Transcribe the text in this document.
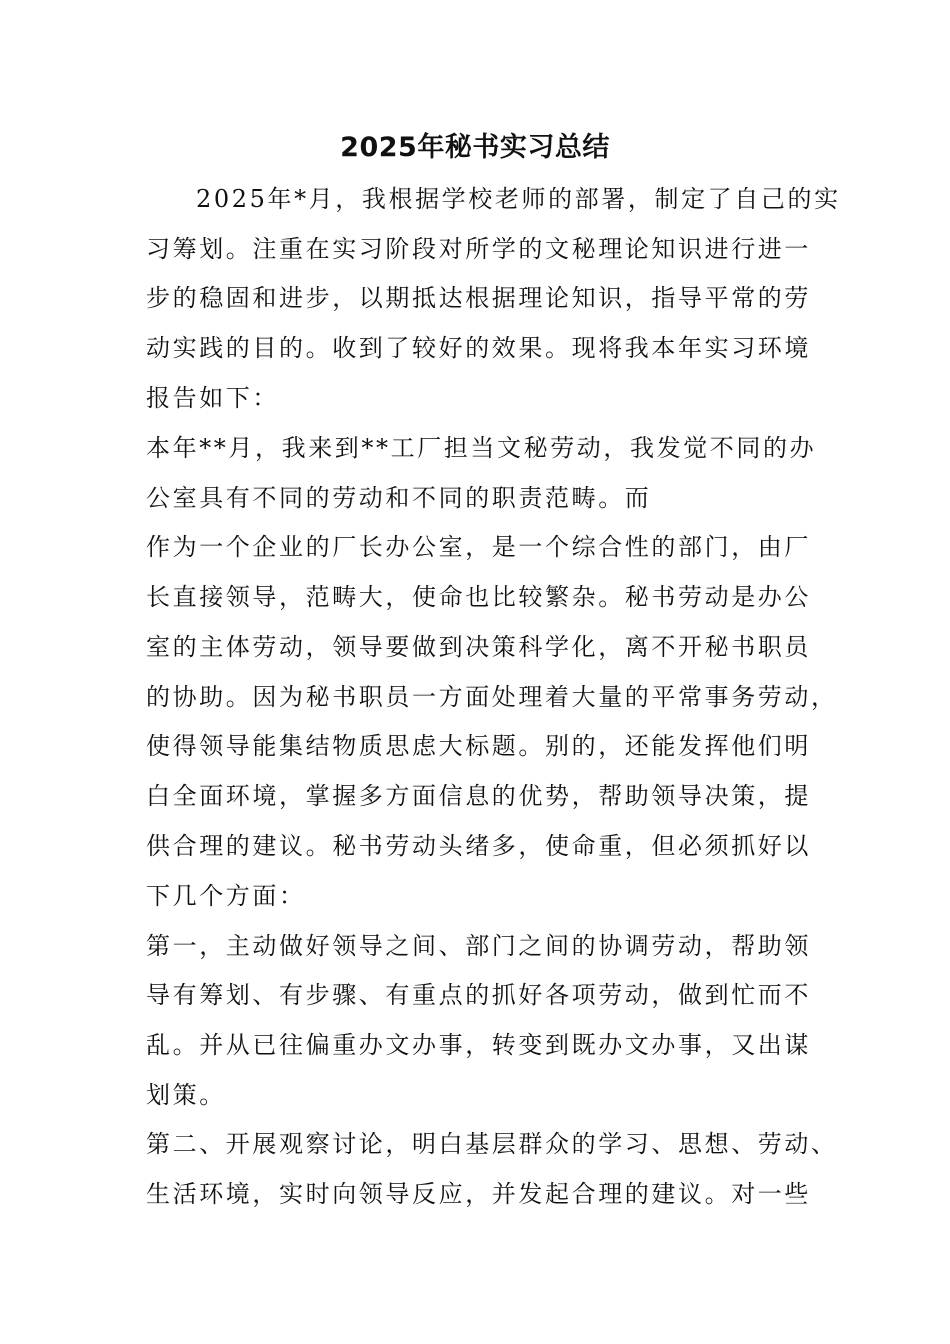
2025年秘书实习总结
2025年*月，我根据学校老师的部署，制定了自己的实
习筹划。注重在实习阶段对所学的文秘理论知识进行进一
步的稳固和进步，以期抵达根据理论知识，指导平常的劳
动实践的目的。收到了较好的效果。现将我本年实习环境
报告如下：
本年**月，我来到**工厂担当文秘劳动，我发觉不同的办
公室具有不同的劳动和不同的职责范畴。而
作为一个企业的厂长办公室，是一个综合性的部门，由厂
长直接领导，范畴大，使命也比较繁杂。秘书劳动是办公
室的主体劳动，领导要做到决策科学化，离不开秘书职员
的协助。因为秘书职员一方面处理着大量的平常事务劳动，
使得领导能集结物质思虑大标题。别的，还能发挥他们明
白全面环境，掌握多方面信息的优势，帮助领导决策，提
供合理的建议。秘书劳动头绪多，使命重，但必须抓好以
下几个方面：
第一，主动做好领导之间、部门之间的协调劳动，帮助领
导有筹划、有步骤、有重点的抓好各项劳动，做到忙而不
乱。并从已往偏重办文办事，转变到既办文办事，又出谋
划策。
第二、开展观察讨论，明白基层群众的学习、思想、劳动、
生活环境，实时向领导反应，并发起合理的建议。对一些
